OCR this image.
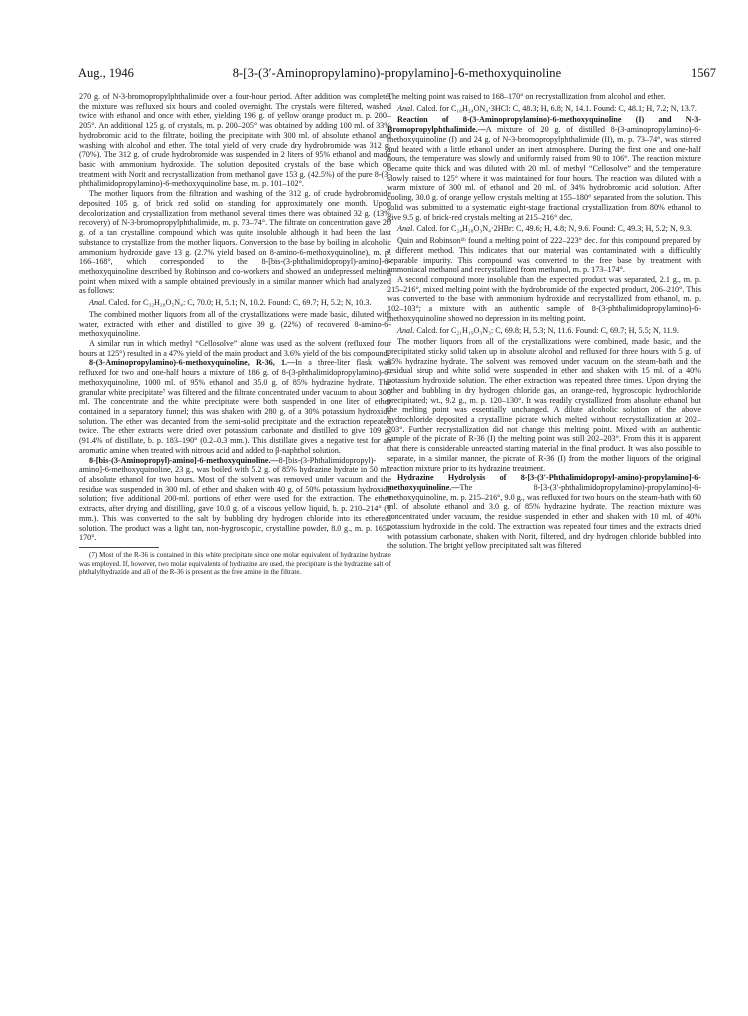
Aug., 1946	8-[3-(3′-Aminopropylamino)-propylamino]-6-methoxyquinoline	1567

270 g. of N-3-bromopropylphthalimide over a four-hour period. After addition was complete, the mixture was refluxed six hours and cooled overnight. The crystals were filtered, washed twice with ethanol and once with ether, yielding 196 g. of yellow orange product m. p. 200–205°. An additional 125 g. of crystals, m. p. 200–205° was obtained by adding 100 ml. of 33% hydrobromic acid to the filtrate, boiling the precipitate with 300 ml. of absolute ethanol and washing with alcohol and ether. The total yield of very crude dry hydrobromide was 312 g. (70%). The 312 g. of crude hydrobromide was suspended in 2 liters of 95% ethanol and made basic with ammonium hydroxide. The solution deposited crystals of the base which on treatment with Norit and recrystallization from methanol gave 153 g. (42.5%) of the pure 8-(3-phthalimidopropylamino)-6-methoxyquinoline base, m. p. 101–102°.

The mother liquors from the filtration and washing of the 312 g. of crude hydrobromide deposited 105 g. of brick red solid on standing for approximately one month. Upon decolorization and crystallization from methanol several times there was obtained 32 g. (13% recovery) of N-3-bromopropylphthalimide, m. p. 73–74°. The filtrate on concentration gave 20 g. of a tan crystalline compound which was quite insoluble although it had been the last substance to crystallize from the mother liquors. Conversion to the base by boiling in alcoholic ammonium hydroxide gave 13 g. (2.7% yield based on 8-amino-6-methoxyquinoline), m. p. 166–168°, which corresponded to the 8-[bis-(3-phthalimidopropyl)-amino]-6-methoxyquinoline described by Robinson and co-workers and showed an undepressed melting point when mixed with a sample obtained previously in a similar manner which had analyzed as follows:

Anal. Calcd. for C₃₂H₂₈O₅N₄: C, 70.0; H, 5.1; N, 10.2. Found: C, 69.7; H, 5.2; N, 10.3.

The combined mother liquors from all of the crystallizations were made basic, diluted with water, extracted with ether and distilled to give 39 g. (22%) of recovered 8-amino-6-methoxyquinoline.

A similar run in which methyl “Cellosolve” alone was used as the solvent (refluxed four hours at 125°) resulted in a 47% yield of the main product and 3.6% yield of the bis compound.

8-(3-Aminopropylamino)-6-methoxyquinoline, R-36, 1.—In a three-liter flask was refluxed for two and one-half hours a mixture of 186 g. of 8-(3-phthalimidopropylamino)-6-methoxyquinoline, 1000 ml. of 95% ethanol and 35.0 g. of 85% hydrazine hydrate. The granular white precipitate⁷ was filtered and the filtrate concentrated under vacuum to about 300 ml. The concentrate and the white precipitate were both suspended in one liter of ether contained in a separatory funnel; this was shaken with 280 g. of a 30% potassium hydroxide solution. The ether was decanted from the semi-solid precipitate and the extraction repeated twice. The ether extracts were dried over potassium carbonate and distilled to give 109 g. (91.4% of distillate, b. p. 183–190° (0.2–0.3 mm.). This distillate gives a negative test for an aromatic amine when treated with nitrous acid and added to β-naphthol solution.

8-[bis-(3-Aminopropyl)-amino]-6-methoxyquinoline.—8-[bis-(3-Phthalimidopropyl)-amino]-6-methoxyquinoline, 23 g., was boiled with 5.2 g. of 85% hydrazine hydrate in 50 ml. of absolute ethanol for two hours. Most of the solvent was removed under vacuum and the residue was suspended in 300 ml. of ether and shaken with 40 g. of 50% potassium hydroxide solution; five additional 200-ml. portions of ether were used for the extraction. The ether extracts, after drying and distilling, gave 10.0 g. of a viscous yellow liquid, b. p. 210–214° (1 mm.). This was converted to the salt by bubbling dry hydrogen chloride into its ethereal solution. The product was a light tan, non-hygroscopic, crystalline powder, 8.0 g., m. p. 165–170°.

(7) Most of the R-36 is contained in this white precipitate since one molar equivalent of hydrazine hydrate was employed. If, however, two molar equivalents of hydrazine are used, the precipitate is the hydrazine salt of phthalylhydrazide and all of the R-36 is present as the free amine in the filtrate.

The melting point was raised to 168–170° on recrystallization from alcohol and ether.

Anal. Calcd. for C₁₆H₂₄ON₄·3HCl: C, 48.3; H, 6.8; N, 14.1. Found: C, 48.1; H, 7.2; N, 13.7.

Reaction of 8-(3-Aminopropylamino)-6-methoxyquinoline (I) and N-3-Bromopropylphthalimide.—A mixture of 20 g. of distilled 8-(3-aminopropylamino)-6-methoxyquinoline (I) and 24 g. of N-3-bromopropylphthalimide (II), m. p. 73–74°, was stirred and heated with a little ethanol under an inert atmosphere. During the first one and one-half hours, the temperature was slowly and uniformly raised from 90 to 106°. The reaction mixture became quite thick and was diluted with 20 ml. of methyl “Cellosolve” and the temperature slowly raised to 125° where it was maintained for four hours. The reaction was diluted with a warm mixture of 300 ml. of ethanol and 20 ml. of 34% hydrobromic acid solution. After cooling, 30.0 g. of orange yellow crystals melting at 155–180° separated from the solution. This solid was submitted to a systematic eight-stage fractional crystallization from 80% ethanol to give 9.5 g. of brick-red crystals melting at 215–216° dec.

Anal. Calcd. for C₂₄H₂₈O₃N₄·2HBr: C, 49.6; H, 4.8; N, 9.6. Found: C, 49.3; H, 5.2; N, 9.3.

Quin and Robinson¹ᵇ found a melting point of 222–223° dec. for this compound prepared by a different method. This indicates that our material was contaminated with a difficultly separable impurity. This compound was converted to the free base by treatment with ammoniacal methanol and recrystallized from methanol, m. p. 173–174°.

A second compound more insoluble than the expected product was separated, 2.1 g., m. p. 215–216°, mixed melting point with the hydrobromide of the expected product, 206–210°. This was converted to the base with ammonium hydroxide and recrystallized from ethanol, m. p. 102–103°; a mixture with an authentic sample of 8-(3-phthalimidopropylamino)-6-methoxyquinoline showed no depression in its melting point.

Anal. Calcd. for C₂₁H₁₉O₃N₃: C, 69.8; H, 5.3; N, 11.6. Found: C, 69.7; H, 5.5; N, 11.9.

The mother liquors from all of the crystallizations were combined, made basic, and the precipitated sticky solid taken up in absolute alcohol and refluxed for three hours with 5 g. of 85% hydrazine hydrate. The solvent was removed under vacuum on the steam-bath and the residual sirup and white solid were suspended in ether and shaken with 15 ml. of a 40% potassium hydroxide solution. The ether extraction was repeated three times. Upon drying the ether and bubbling in dry hydrogen chloride gas, an orange-red, hygroscopic hydrochloride precipitated; wt., 9.2 g., m. p. 120–130°. It was readily crystallized from absolute ethanol but the melting point was essentially unchanged. A dilute alcoholic solution of the above hydrochloride deposited a crystalline picrate which melted without recrystallization at 202–203°. Further recrystallization did not change this melting point. Mixed with an authentic sample of the picrate of R-36 (I) the melting point was still 202–203°. From this it is apparent that there is considerable unreacted starting material in the final product. It was also possible to separate, in a similar manner, the picrate of R-36 (I) from the mother liquors of the original reaction mixture prior to its hydrazine treatment.

Hydrazine Hydrolysis of 8-[3-(3′-Phthalimidopropyl-amino)-propylamino]-6-methoxyquinoline.—The 8-[3-(3′-phthalimidopropylamino)-propylamino]-6-methoxyquinoline, m. p. 215–216°, 9.0 g., was refluxed for two hours on the steam-bath with 60 ml. of absolute ethanol and 3.0 g. of 85% hydrazine hydrate. The reaction mixture was concentrated under vacuum, the residue suspended in ether and shaken with 10 ml. of 40% potassium hydroxide in the cold. The extraction was repeated four times and the extracts dried with potassium carbonate, shaken with Norit, filtered, and dry hydrogen chloride bubbled into the solution. The bright yellow precipitated salt was filtered
